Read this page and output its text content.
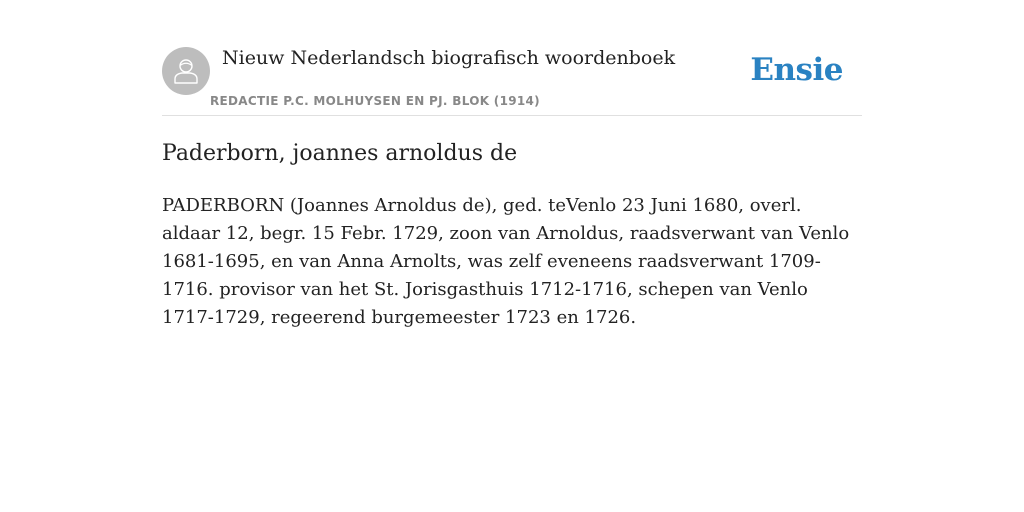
Nieuw Nederlandsch biografisch woordenboek
REDACTIE P.C. MOLHUYSEN EN PJ. BLOK (1914)
Ensie
Paderborn, joannes arnoldus de

PADERBORN (Joannes Arnoldus de), ged. teVenlo 23 Juni 1680, overl. aldaar 12, begr. 15 Febr. 1729, zoon van Arnoldus, raadsverwant van Venlo 1681-1695, en van Anna Arnolts, was zelf eveneens raadsverwant 1709-1716. provisor van het St. Jorisgasthuis 1712-1716, schepen van Venlo 1717-1729, regeerend burgemeester 1723 en 1726.
